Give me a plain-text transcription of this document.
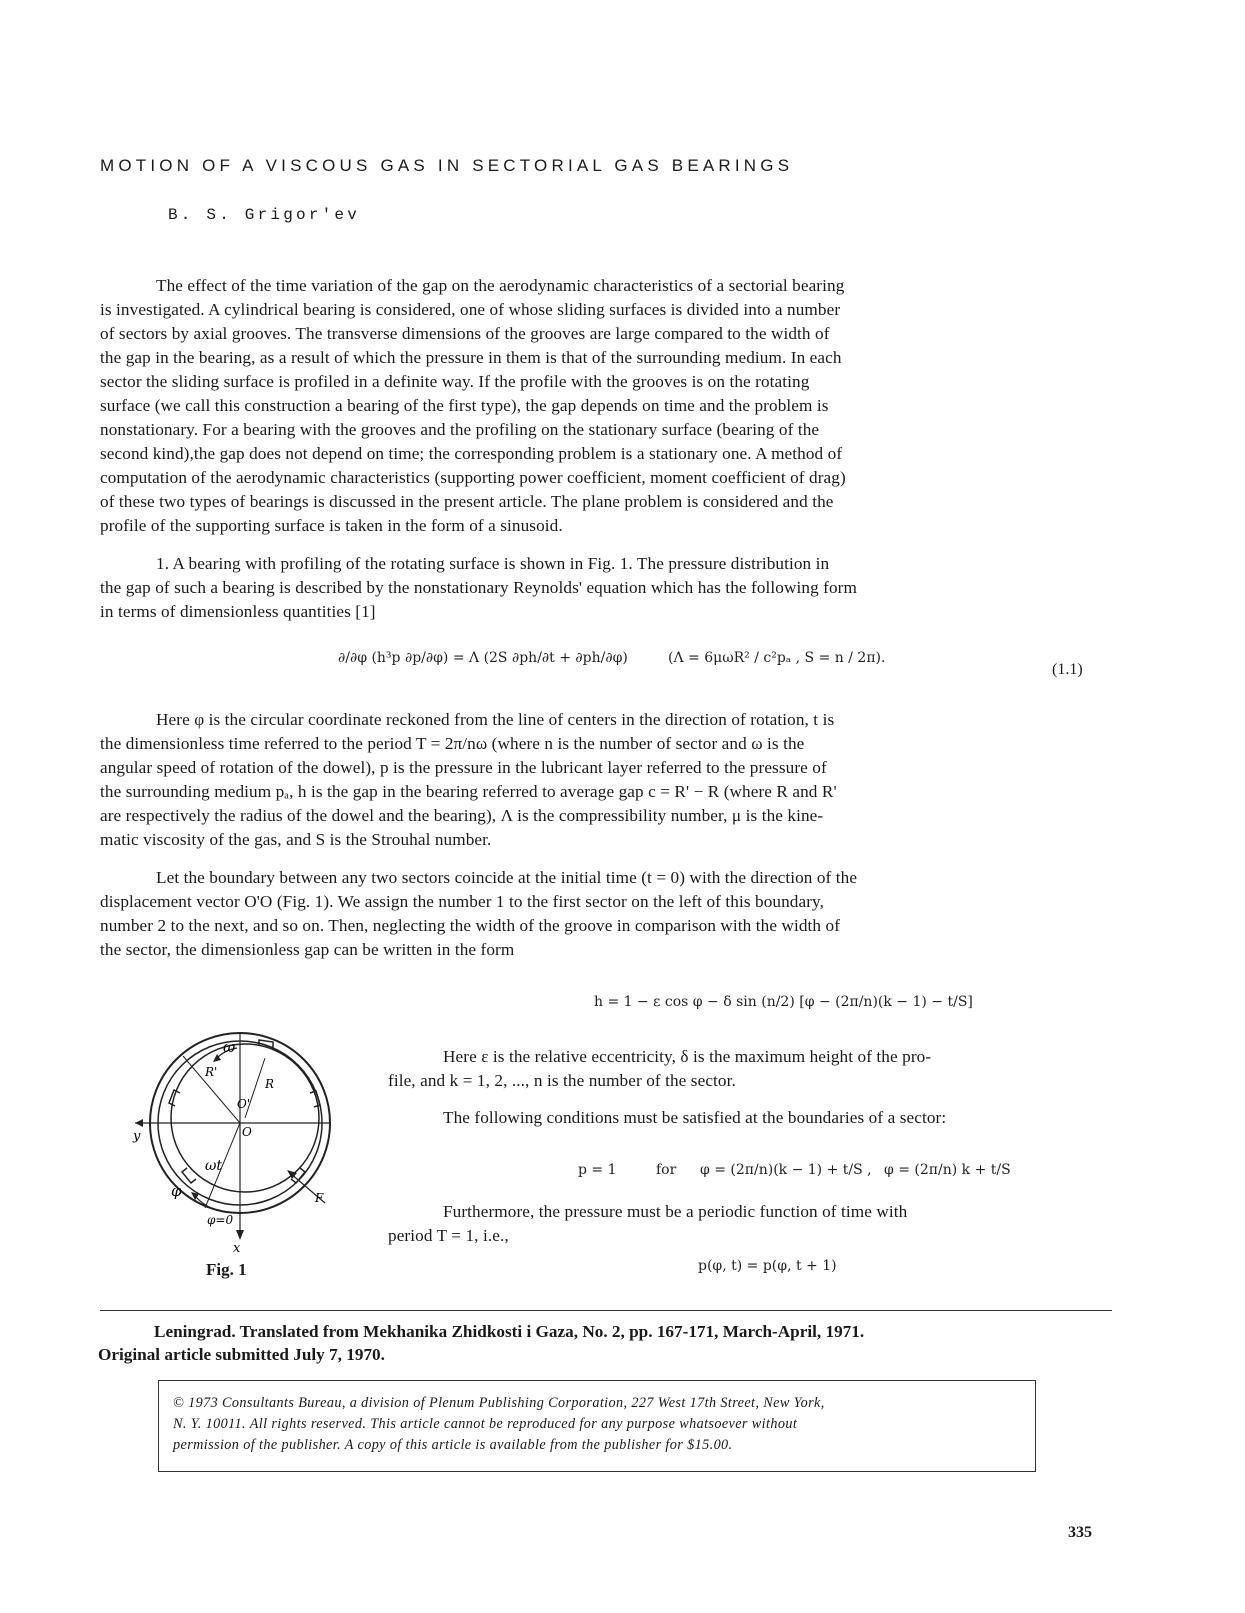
MOTION OF A VISCOUS GAS IN SECTORIAL GAS BEARINGS
B. S. Grigor'ev
The effect of the time variation of the gap on the aerodynamic characteristics of a sectorial bearing
is investigated. A cylindrical bearing is considered, one of whose sliding surfaces is divided into a number
of sectors by axial grooves. The transverse dimensions of the grooves are large compared to the width of
the gap in the bearing, as a result of which the pressure in them is that of the surrounding medium. In each
sector the sliding surface is profiled in a definite way. If the profile with the grooves is on the rotating
surface (we call this construction a bearing of the first type), the gap depends on time and the problem is
nonstationary. For a bearing with the grooves and the profiling on the stationary surface (bearing of the
second kind),the gap does not depend on time; the corresponding problem is a stationary one. A method of
computation of the aerodynamic characteristics (supporting power coefficient, moment coefficient of drag)
of these two types of bearings is discussed in the present article. The plane problem is considered and the
profile of the supporting surface is taken in the form of a sinusoid.
1. A bearing with profiling of the rotating surface is shown in Fig. 1. The pressure distribution in
the gap of such a bearing is described by the nonstationary Reynolds' equation which has the following form
in terms of dimensionless quantities [1]
∂/∂φ (h³p ∂p/∂φ) = Λ (2S ∂ph/∂t + ∂ph/∂φ)	(Λ = 6μωR² / c²pₐ , S = n / 2π).
(1.1)
Here φ is the circular coordinate reckoned from the line of centers in the direction of rotation, t is
the dimensionless time referred to the period T = 2π/nω (where n is the number of sector and ω is the
angular speed of rotation of the dowel), p is the pressure in the lubricant layer referred to the pressure of
the surrounding medium pₐ, h is the gap in the bearing referred to average gap c = R' − R (where R and R'
are respectively the radius of the dowel and the bearing), Λ is the compressibility number, μ is the kine-
matic viscosity of the gas, and S is the Strouhal number.
Let the boundary between any two sectors coincide at the initial time (t = 0) with the direction of the
displacement vector O'O (Fig. 1). We assign the number 1 to the first sector on the left of this boundary,
number 2 to the next, and so on. Then, neglecting the width of the groove in comparison with the width of
the sector, the dimensionless gap can be written in the form
h = 1 − ε cos φ − δ sin (n/2) [φ − (2π/n)(k − 1) − t/S]
ω
R'
R
O'
O
ωt
y
x
φ
φ=0
F
Fig. 1
Here ε is the relative eccentricity, δ is the maximum height of the pro-
file, and k = 1, 2, ..., n is the number of the sector.
The following conditions must be satisfied at the boundaries of a sector:
p = 1	for φ = (2π/n)(k − 1) + t/S , φ = (2π/n) k + t/S
Furthermore, the pressure must be a periodic function of time with
period T = 1, i.e.,
p(φ, t) = p(φ, t + 1)
Leningrad. Translated from Mekhanika Zhidkosti i Gaza, No. 2, pp. 167-171, March-April, 1971.
Original article submitted July 7, 1970.
© 1973 Consultants Bureau, a division of Plenum Publishing Corporation, 227 West 17th Street, New York,
N. Y. 10011. All rights reserved. This article cannot be reproduced for any purpose whatsoever without
permission of the publisher. A copy of this article is available from the publisher for $15.00.
335
